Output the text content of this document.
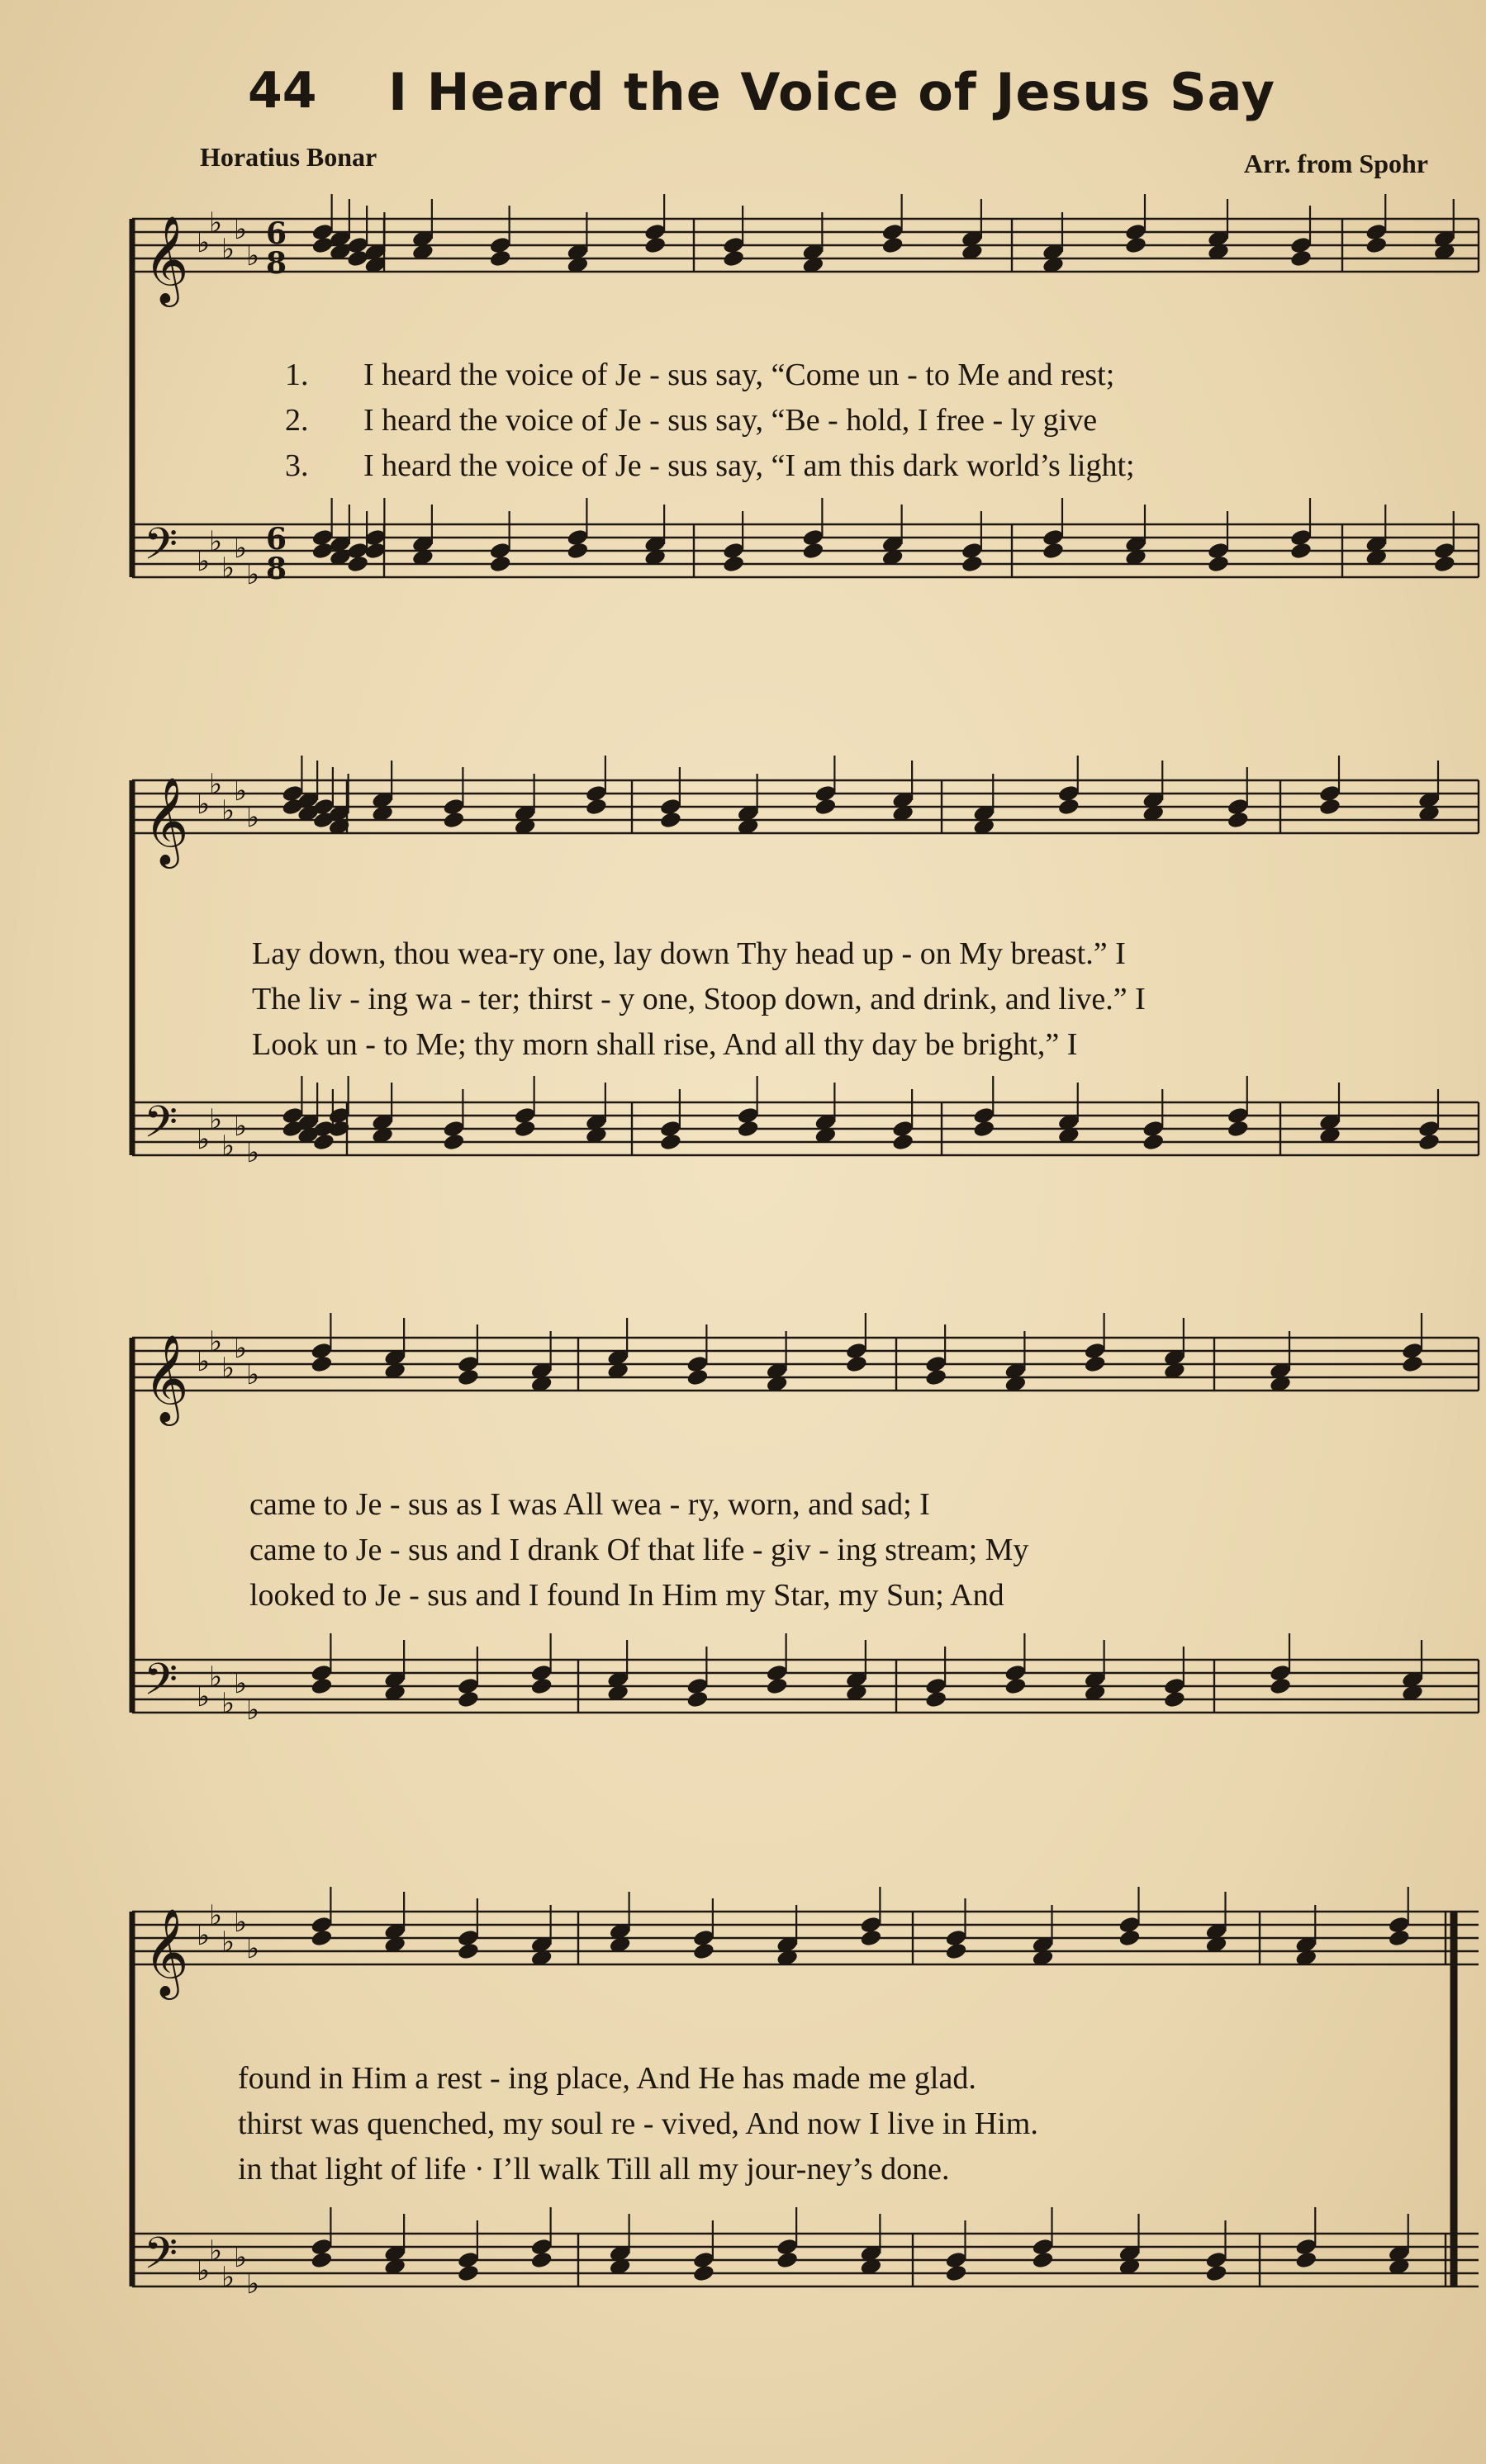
44 I Heard the Voice of Jesus Say
Horatius Bonar	Arr. from Spohr
𝄞
𝄢
♭
♭
♭
♭
♭
♭
♭
♭
♭
♭
6
8
6
8
1. I heard the voice of Je - sus say, “Come un - to Me and rest;
2. I heard the voice of Je - sus say, “Be - hold, I free - ly give
3. I heard the voice of Je - sus say, “I am this dark world’s light;
𝄞
𝄢
♭
♭
♭
♭
♭
♭
♭
♭
♭
♭
Lay down, thou wea-ry one, lay down Thy head up - on My breast.” I
The liv - ing wa - ter; thirst - y one, Stoop down, and drink, and live.” I
Look un - to Me; thy morn shall rise, And all thy day be bright,” I
𝄞
𝄢
♭
♭
♭
♭
♭
♭
♭
♭
♭
♭
came to Je - sus as I was All wea - ry, worn, and sad; I
came to Je - sus and I drank Of that life - giv - ing stream; My
looked to Je - sus and I found In Him my Star, my Sun; And
𝄞
𝄢
♭
♭
♭
♭
♭
♭
♭
♭
♭
♭
found in Him a rest - ing place, And He has made me glad.
thirst was quenched, my soul re - vived, And now I live in Him.
in that light of life · I’ll walk Till all my jour-ney’s done.
